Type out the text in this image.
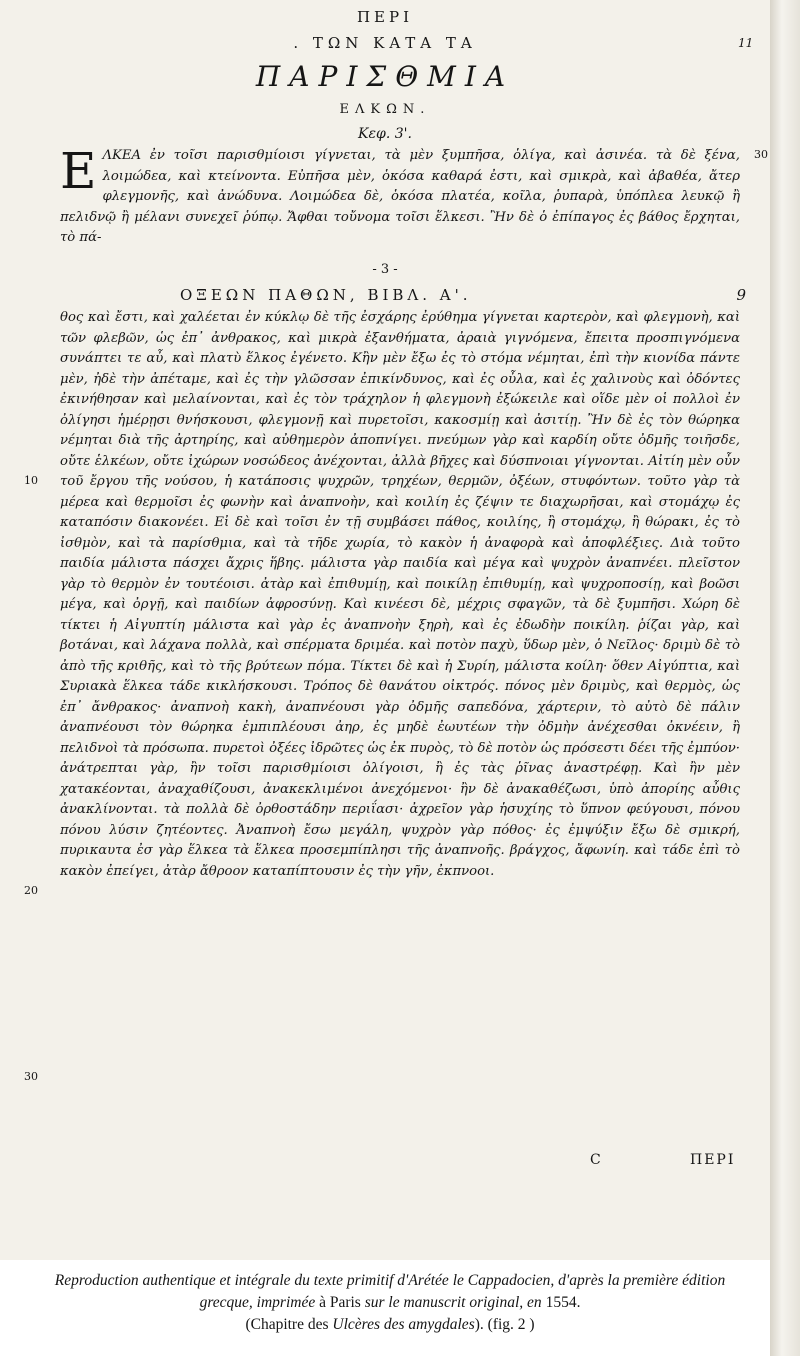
ΠΕΡΙ
. ΤΩΝ ΚΑΤΑ ΤΑ	11
ΠΑΡΙΣΘΜΙΑ
ΕΛΚΩΝ.
Κεφ. 3'.
Ε ΛΚΕΑ ἐν τοῖσι παρισθμίοισι γίγνεται, τὰ μὲν ξυμπῆσα, ὁλίγα, καὶ ἀσινέα. τὰ δὲ ξένα, λοιμώδεα, καὶ κτείνοντα. Εὐπῆσα μὲν, ὁκόσα καθαρά ἐστι, καὶ σμικρὰ, καὶ ἀβαθέα, ἄτερ φλεγμονῆς, καὶ ἀνώδυνα. Λοιμώδεα δὲ, ὁκόσα πλατέα, κοῖλα, ῥυπαρὰ, ὑπόπλεα λευκῷ ἢ πελιδνῷ ἢ μέλανι συνεχεῖ ῥύπῳ. Ἄφθαι τοὔνομα τοῖσι ἕλκεσι. Ἢν δὲ ὁ ἐπίπαγος ἐς βάθος ἔρχηται, τὸ πά-
- 3 -
ΟΞΕΩΝ ΠΑΘΩΝ, ΒΙΒΛ. Α'.	9
θος καὶ ἔστι, καὶ χαλέεται ἐν κύκλῳ δὲ τῆς ἐσχάρης ἐρύθημα γίγνεται καρτερὸν, καὶ φλεγμονὴ, καὶ τῶν φλεβῶν, ὡς ἐπ᾽ ἀνθρακος, καὶ μικρὰ ἐξανθήματα, ἀραιὰ γιγνόμενα, ἔπειτα προσπιγνόμενα συνάπτει τε αὖ, καὶ πλατὺ ἕλκος ἐγένετο. Κἢν μὲν ἔξω ἐς τὸ στόμα νέμηται, ἐπὶ τὴν κιονίδα πάντε μὲν, ἠδὲ τὴν ἀπέταμε, καὶ ἐς τὴν γλῶσσαν ἐπικίνδυνος, καὶ ἐς οὖλα, καὶ ἐς χαλινοὺς καὶ ὀδόντες ἐκινήθησαν καὶ μελαίνονται, καὶ ἐς τὸν τράχηλον ἡ φλεγμονὴ ἐξώκειλε καὶ οἵδε μὲν οἱ πολλοὶ ἐν ὀλίγησι ἡμέρῃσι θνήσκουσι, φλεγμονῇ καὶ πυρετοῖσι, κακοσμίῃ καὶ ἀσιτίῃ. Ἢν δὲ ἐς τὸν θώρηκα νέμηται διὰ τῆς ἀρτηρίης, καὶ αὐθημερὸν ἀποπνίγει. πνεύμων γὰρ καὶ καρδίη οὔτε ὀδμῆς τοιῆσδε, οὔτε ἑλκέων, οὔτε ἰχώρων νοσώδεος ἀνέχονται, ἀλλὰ βῆχες καὶ δύσπνοιαι γίγνονται. Αἰτίη μὲν οὖν τοῦ ἔργου τῆς νούσου, ἡ κατάποσις ψυχρῶν, τρηχέων, θερμῶν, ὀξέων, στυφόντων. τοῦτο γὰρ τὰ μέρεα καὶ θερμοῖσι ἐς φωνὴν καὶ ἀναπνοὴν, καὶ κοιλίη ἐς ζέψιν τε διαχωρῆσαι, καὶ στομάχῳ ἐς καταπόσιν διακονέει. Εἰ δὲ καὶ τοῖσι ἐν τῇ συμβάσει πάθος, κοιλίης, ἢ στομάχῳ, ἢ θώρακι, ἐς τὸ ἰσθμὸν, καὶ τὰ παρίσθμια, καὶ τὰ τῆδε χωρία, τὸ κακὸν ἡ ἀναφορὰ καὶ ἀποφλέξιες. Διὰ τοῦτο παιδία μάλιστα πάσχει ἄχρις ἥβης. μάλιστα γὰρ παιδία καὶ μέγα καὶ ψυχρὸν ἀναπνέει. πλεῖστον γὰρ τὸ θερμὸν ἐν τουτέοισι. ἀτὰρ καὶ ἐπιθυμίῃ, καὶ ποικίλῃ ἐπιθυμίῃ, καὶ ψυχροποσίῃ, καὶ βοῶσι μέγα, καὶ ὀργῇ, καὶ παιδίων ἀφροσύνῃ. Καὶ κινέεσι δὲ, μέχρις σφαγῶν, τὰ δὲ ξυμπῆσι. Χώρη δὲ τίκτει ἡ Αἰγυπτίη μάλιστα καὶ γὰρ ἐς ἀναπνοὴν ξηρὴ, καὶ ἐς ἐδωδὴν ποικίλη. ῥίζαι γὰρ, καὶ βοτάναι, καὶ λάχανα πολλὰ, καὶ σπέρματα δριμέα. καὶ ποτὸν παχὺ, ὕδωρ μὲν, ὁ Νεῖλος· δριμὺ δὲ τὸ ἀπὸ τῆς κριθῆς, καὶ τὸ τῆς βρύτεων πόμα. Τίκτει δὲ καὶ ἡ Συρίη, μάλιστα κοίλη· ὅθεν Αἰγύπτια, καὶ Συριακὰ ἕλκεα τάδε κικλήσκουσι. Τρόπος δὲ θανάτου οἰκτρός. πόνος μὲν δριμὺς, καὶ θερμὸς, ὡς ἐπ᾽ ἄνθρακος· ἀναπνοὴ κακὴ, ἀναπνέουσι γὰρ ὀδμῆς σαπεδόνα, χάρτεριν, τὸ αὐτὸ δὲ πάλιν ἀναπνέουσι τὸν θώρηκα ἐμπιπλέουσι ἀηρ, ἐς μηδὲ ἐωυτέων τὴν ὀδμὴν ἀνέχεσθαι ὀκνέειν, ἢ πελιδνοὶ τὰ πρόσωπα. πυρετοὶ ὀξέες ἰδρῶτες ὡς ἐκ πυρὸς, τὸ δὲ ποτὸν ὡς πρόσεστι δέει τῆς ἐμπύον· ἀνάτρεπται γὰρ, ἢν τοῖσι παρισθμίοισι ὀλίγοισι, ἢ ἐς τὰς ῥῖνας ἀναστρέφῃ. Καὶ ἢν μὲν χατακέονται, ἀναχαθίζουσι, ἀνακεκλιμένοι ἀνεχόμενοι· ἢν δὲ ἀνακαθέζωσι, ὑπὸ ἀπορίης αὖθις ἀνακλίνονται. τὰ πολλὰ δὲ ὀρθοστάδην περιΐασι· ἀχρεῖον γὰρ ἡσυχίης τὸ ὕπνον φεύγουσι, πόνου πόνου λύσιν ζητέοντες. Ἀναπνοὴ ἔσω μεγάλη, ψυχρὸν γὰρ πόθος· ἐς ἐμψύξιν ἔξω δὲ σμικρή, πυρικαυτα ἐσ γὰρ ἕλκεα τὰ ἕλκεα προσεμπίπλησι τῆς ἀναπνοῆς. βράγχος, ἄφωνίη. καὶ τάδε ἐπὶ τὸ κακὸν ἐπείγει, ἀτὰρ ἄθροον καταπίπτουσιν ἐς τὴν γῆν, ἐκπνοοι.
30
10
20
30
C	ΠΕΡΙ
Reproduction authentique et intégrale du texte primitif d'Arétée le Cappadocien, d'après la première édition grecque, imprimée à Paris sur le manuscrit original, en 1554.
(Chapitre des Ulcères des amygdales). (fig. 2 )
